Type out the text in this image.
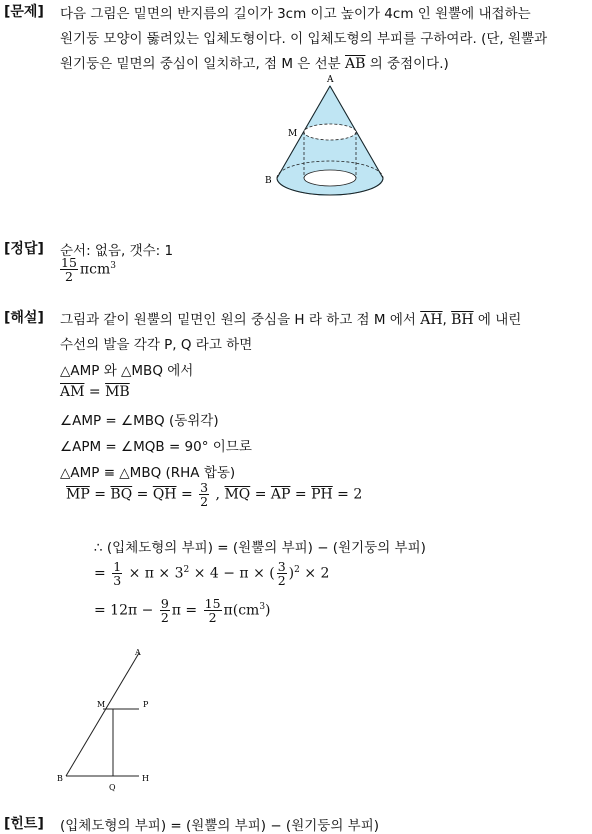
[문제] 다음 그림은 밑면의 반지름의 길이가 3cm 이고 높이가 4cm 인 원뿔에 내접하는
원기둥 모양이 뚫려있는 입체도형이다. 이 입체도형의 부피를 구하여라. (단, 원뿔과
원기둥은 밑면의 중심이 일치하고, 점 M 은 선분 $\overline{AB}$ 의 중점이다.)
A
M
B
[정답] 순서: 없음, 갯수: 1
$\frac{15}{2} \pi cm^3$
[해설] 그림과 같이 원뿔의 밑면인 원의 중심을 H 라 하고 점 M 에서 $\overline{AH}$, $\overline{BH}$ 에 내린
수선의 발을 각각 P, Q 라고 하면
△AMP 와 △MBQ 에서
$\overline{AM} = \overline{MB}$
∠AMP = ∠MBQ (동위각)
∠APM = ∠MQB = 90° 이므로
△AMP ≡ △MBQ (RHA 합동)
$\overline{MP} = \overline{BQ} = \overline{QH} = \frac{3}{2}$ , $\overline{MQ} = \overline{AP} = \overline{PH} = 2$
∴ (입체도형의 부피) = (원뿔의 부피) − (원기둥의 부피)
= $\frac{1}{3} \times \pi \times 3^2 \times 4 - \pi$ × ( $\frac{3}{2} )^2 \times 2$
= $12\pi - \frac{9}{2}$ $\pi = \frac{15}{2} \pi(cm^3)$
A
M	P
B
Q
H
[힌트] (입체도형의 부피) = (원뿔의 부피) − (원기둥의 부피)
